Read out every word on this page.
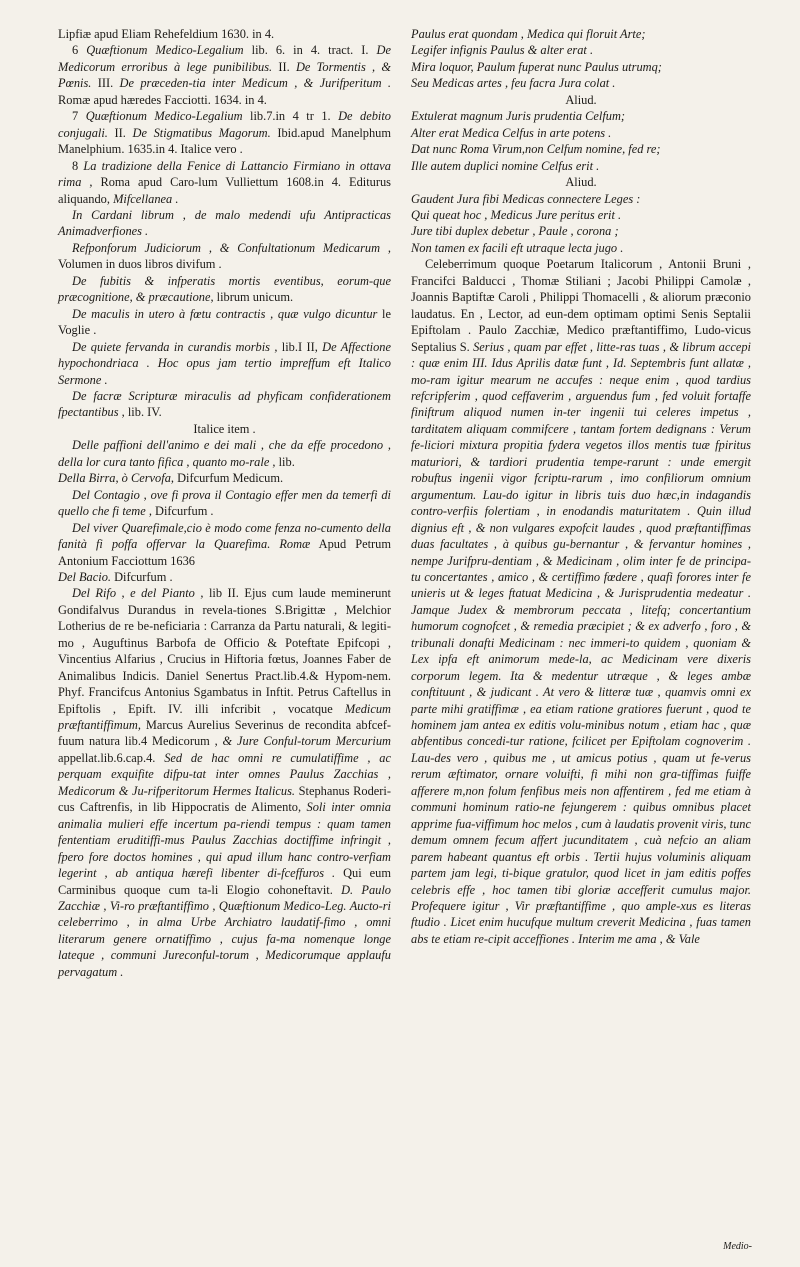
Lipfiæ apud Eliam Rehefeldium 1630. in 4.

6 Quæftionum Medico-Legalium lib. 6. in 4. tract. I. De Medicorum erroribus à lege punibilibus. II. De Tormentis , & Pœnis. III. De præceden-tia inter Medicum , & Jurifperitum . Romæ apud hæredes Facciotti. 1634. in 4.

7 Quæftionum Medico-Legalium lib.7.in 4 tr 1. De debito conjugali. II. De Stigmatibus Magorum. Ibid.apud Manelphum Manelphium. 1635.in 4. Italice vero .

8 La tradizione della Fenice di Lattancio Firmiano in ottava rima , Roma apud Caro-lum Vulliettum 1608.in 4. Editurus aliquando, Mifcellanea .

In Cardani librum , de malo medendi ufu Antipracticas Animadverfiones .

Refponforum Judiciorum , & Confultationum Medicarum , Volumen in duos libros divifum .

De fubitis & infperatis mortis eventibus, eorum-que præcognitione, & præcautione, librum unicum.

De maculis in utero à fœtu contractis , quæ vulgo dicuntur le Voglie .

De quiete fervanda in curandis morbis , lib.I II, De Affectione hypochondriaca . Hoc opus jam tertio impreffum eft Italico Sermone .

De facræ Scripturæ miraculis ad phyficam confiderationem fpectantibus , lib. IV.

Italice item .

Delle paffioni dell'animo e dei mali , che da effe procedono , della lor cura tanto fifica , quanto mo-rale , lib.

Della Birra, ò Cervofa, Difcurfum Medicum.

Del Contagio , ove fi prova il Contagio effer men da temerfi di quello che fi teme , Difcurfum .

Del viver Quarefimale,cio è modo come fenza no-cumento della fanità fi poffa offervar la Quarefima. Romæ Apud Petrum Antonium Facciottum 1636

Del Bacio. Difcurfum .

Del Rifo , e del Pianto , lib II. Ejus cum laude meminerunt Gondifalvus Durandus in revela-tiones S.Brigittæ , Melchior Lotherius de re be-neficiaria : Carranza da Partu naturali, & legiti-mo , Auguftinus Barbofa de Officio & Poteftate Epifcopi , Vincentius Alfarius , Crucius in Hiftoria fœtus, Joannes Faber de Animalibus Indicis. Daniel Senertus Pract.lib.4.& Hypom-nem. Phyf. Francifcus Antonius Sgambatus in Inftit. Petrus Caftellus in Epiftolis , Epift. IV. illi infcribit , vocatque Medicum præftantiffimum, Marcus Aurelius Severinus de recondita abfcef-fuum natura lib.4 Medicorum , & Jure Conful-torum Mercurium appellat.lib.6.cap.4. Sed de hac omni re cumulatiffime , ac perquam exquifite difpu-tat inter omnes Paulus Zacchias , Medicorum & Ju-rifperitorum Hermes Italicus. Stephanus Roderi-cus Caftrenfis, in lib Hippocratis de Alimento, Soli inter omnia animalia mulieri effe incertum pa-riendi tempus : quam tamen fententiam eruditiffi-mus Paulus Zacchias doctiffime infringit , fpero fore doctos homines , qui apud illum hanc contro-verfiam legerint , ab antiqua hærefi libenter di-fceffuros . Qui eum Carminibus quoque cum ta-li Elogio cohoneftavit. D. Paulo Zacchiæ , Vi-ro præftantiffimo , Quæftionum Medico-Leg. Aucto-ri celeberrimo , in alma Urbe Archiatro laudatif-fimo , omni literarum genere ornatiffimo , cujus fa-ma nomenque longe lateque , communi Jureconful-torum , Medicorumque applaufu pervagatum .

Paulus erat quondam , Medica qui floruit Arte;

Legifer infignis Paulus & alter erat .

Mira loquor, Paulum fuperat nunc Paulus utrumq;

Seu Medicas artes , feu facra Jura colat .

Aliud.

Extulerat magnum Juris prudentia Celfum;

Alter erat Medica Celfus in arte potens .

Dat nunc Roma Virum,non Celfum nomine, fed re;

Ille autem duplici nomine Celfus erit .

Aliud.

Gaudent Jura fibi Medicas connectere Leges :

Qui queat hoc , Medicus Jure peritus erit .

Jure tibi duplex debetur , Paule , corona ;

Non tamen ex facili eft utraque lecta jugo .

Celeberrimum quoque Poetarum Italicorum , Antonii Bruni , Francifci Balducci , Thomæ Stiliani ; Jacobi Philippi Camolæ , Joannis Baptiftæ Caroli , Philippi Thomacelli , & aliorum præconio laudatus. En , Lector, ad eun-dem optimam optimi Senis Septalii Epiftolam . Paulo Zacchiæ, Medico præftantiffimo, Ludo-vicus Septalius S. Serius , quam par effet , litte-ras tuas , & librum accepi : quæ enim III. Idus Aprilis datæ funt , Id. Septembris funt allatæ , mo-ram igitur mearum ne accufes : neque enim , quod tardius refcripferim , quod ceffaverim , arguendus fum , fed voluit fortaffe finiftrum aliquod numen in-ter ingenii tui celeres impetus , tarditatem aliquam commifcere , tantam fortem dedignans : Verum fe-liciori mixtura propitia fydera vegetos illos mentis tuæ fpiritus maturiori, & tardiori prudentia tempe-rarunt : unde emergit robuftus ingenii vigor fcriptu-rarum , imo confiliorum omnium argumentum. Lau-do igitur in libris tuis duo hæc,in indagandis contro-verfiis folertiam , in enodandis maturitatem . Quin illud dignius eft , & non vulgares expofcit laudes , quod præftantiffimas duas facultates , à quibus gu-bernantur , & fervantur homines , nempe Jurifpru-dentiam , & Medicinam , olim inter fe de principa-tu concertantes , amico , & certiffimo fœdere , quafi forores inter fe unieris ut & leges ftatuat Medicina , & Jurisprudentia medeatur . Jamque Judex & membrorum peccata , litefq; concertantium humorum cognofcet , & remedia præcipiet ; & ex adverfo , foro , & tribunali donafti Medicinam : nec immeri-to quidem , quoniam & Lex ipfa eft animorum mede-la, ac Medicinam vere dixeris corporum legem. Ita & medentur utræque , & leges ambæ conftituunt , & judicant . At vero & litteræ tuæ , quamvis omni ex parte mihi gratiffimæ , ea etiam ratione gratiores fuerunt , quod te hominem jam antea ex editis volu-minibus notum , etiam hac , quæ abfentibus concedi-tur ratione, fcilicet per Epiftolam cognoverim . Lau-des vero , quibus me , ut amicus potius , quam ut fe-verus rerum æftimator, ornare voluifti, fi mihi non gra-tiffimas fuiffe afferere m,non folum fenfibus meis non affentirem , fed me etiam à communi hominum ratio-ne fejungerem : quibus omnibus placet apprime fua-viffimum hoc melos , cum à laudatis provenit viris, tunc demum omnem fecum affert jucunditatem , cuà nefcio an aliam parem habeant quantus eft orbis . Tertii hujus voluminis aliquam partem jam legi, ti-bique gratulor, quod licet in jam editis poffes celebris effe , hoc tamen tibi gloriæ accefferit cumulus major. Profequere igitur , Vir præftantiffime , quo ample-xus es literas ftudio . Licet enim hucufque multum creverit Medicina , fuas tamen abs te etiam re-cipit acceffiones . Interim me ama , & Vale

Medio-
